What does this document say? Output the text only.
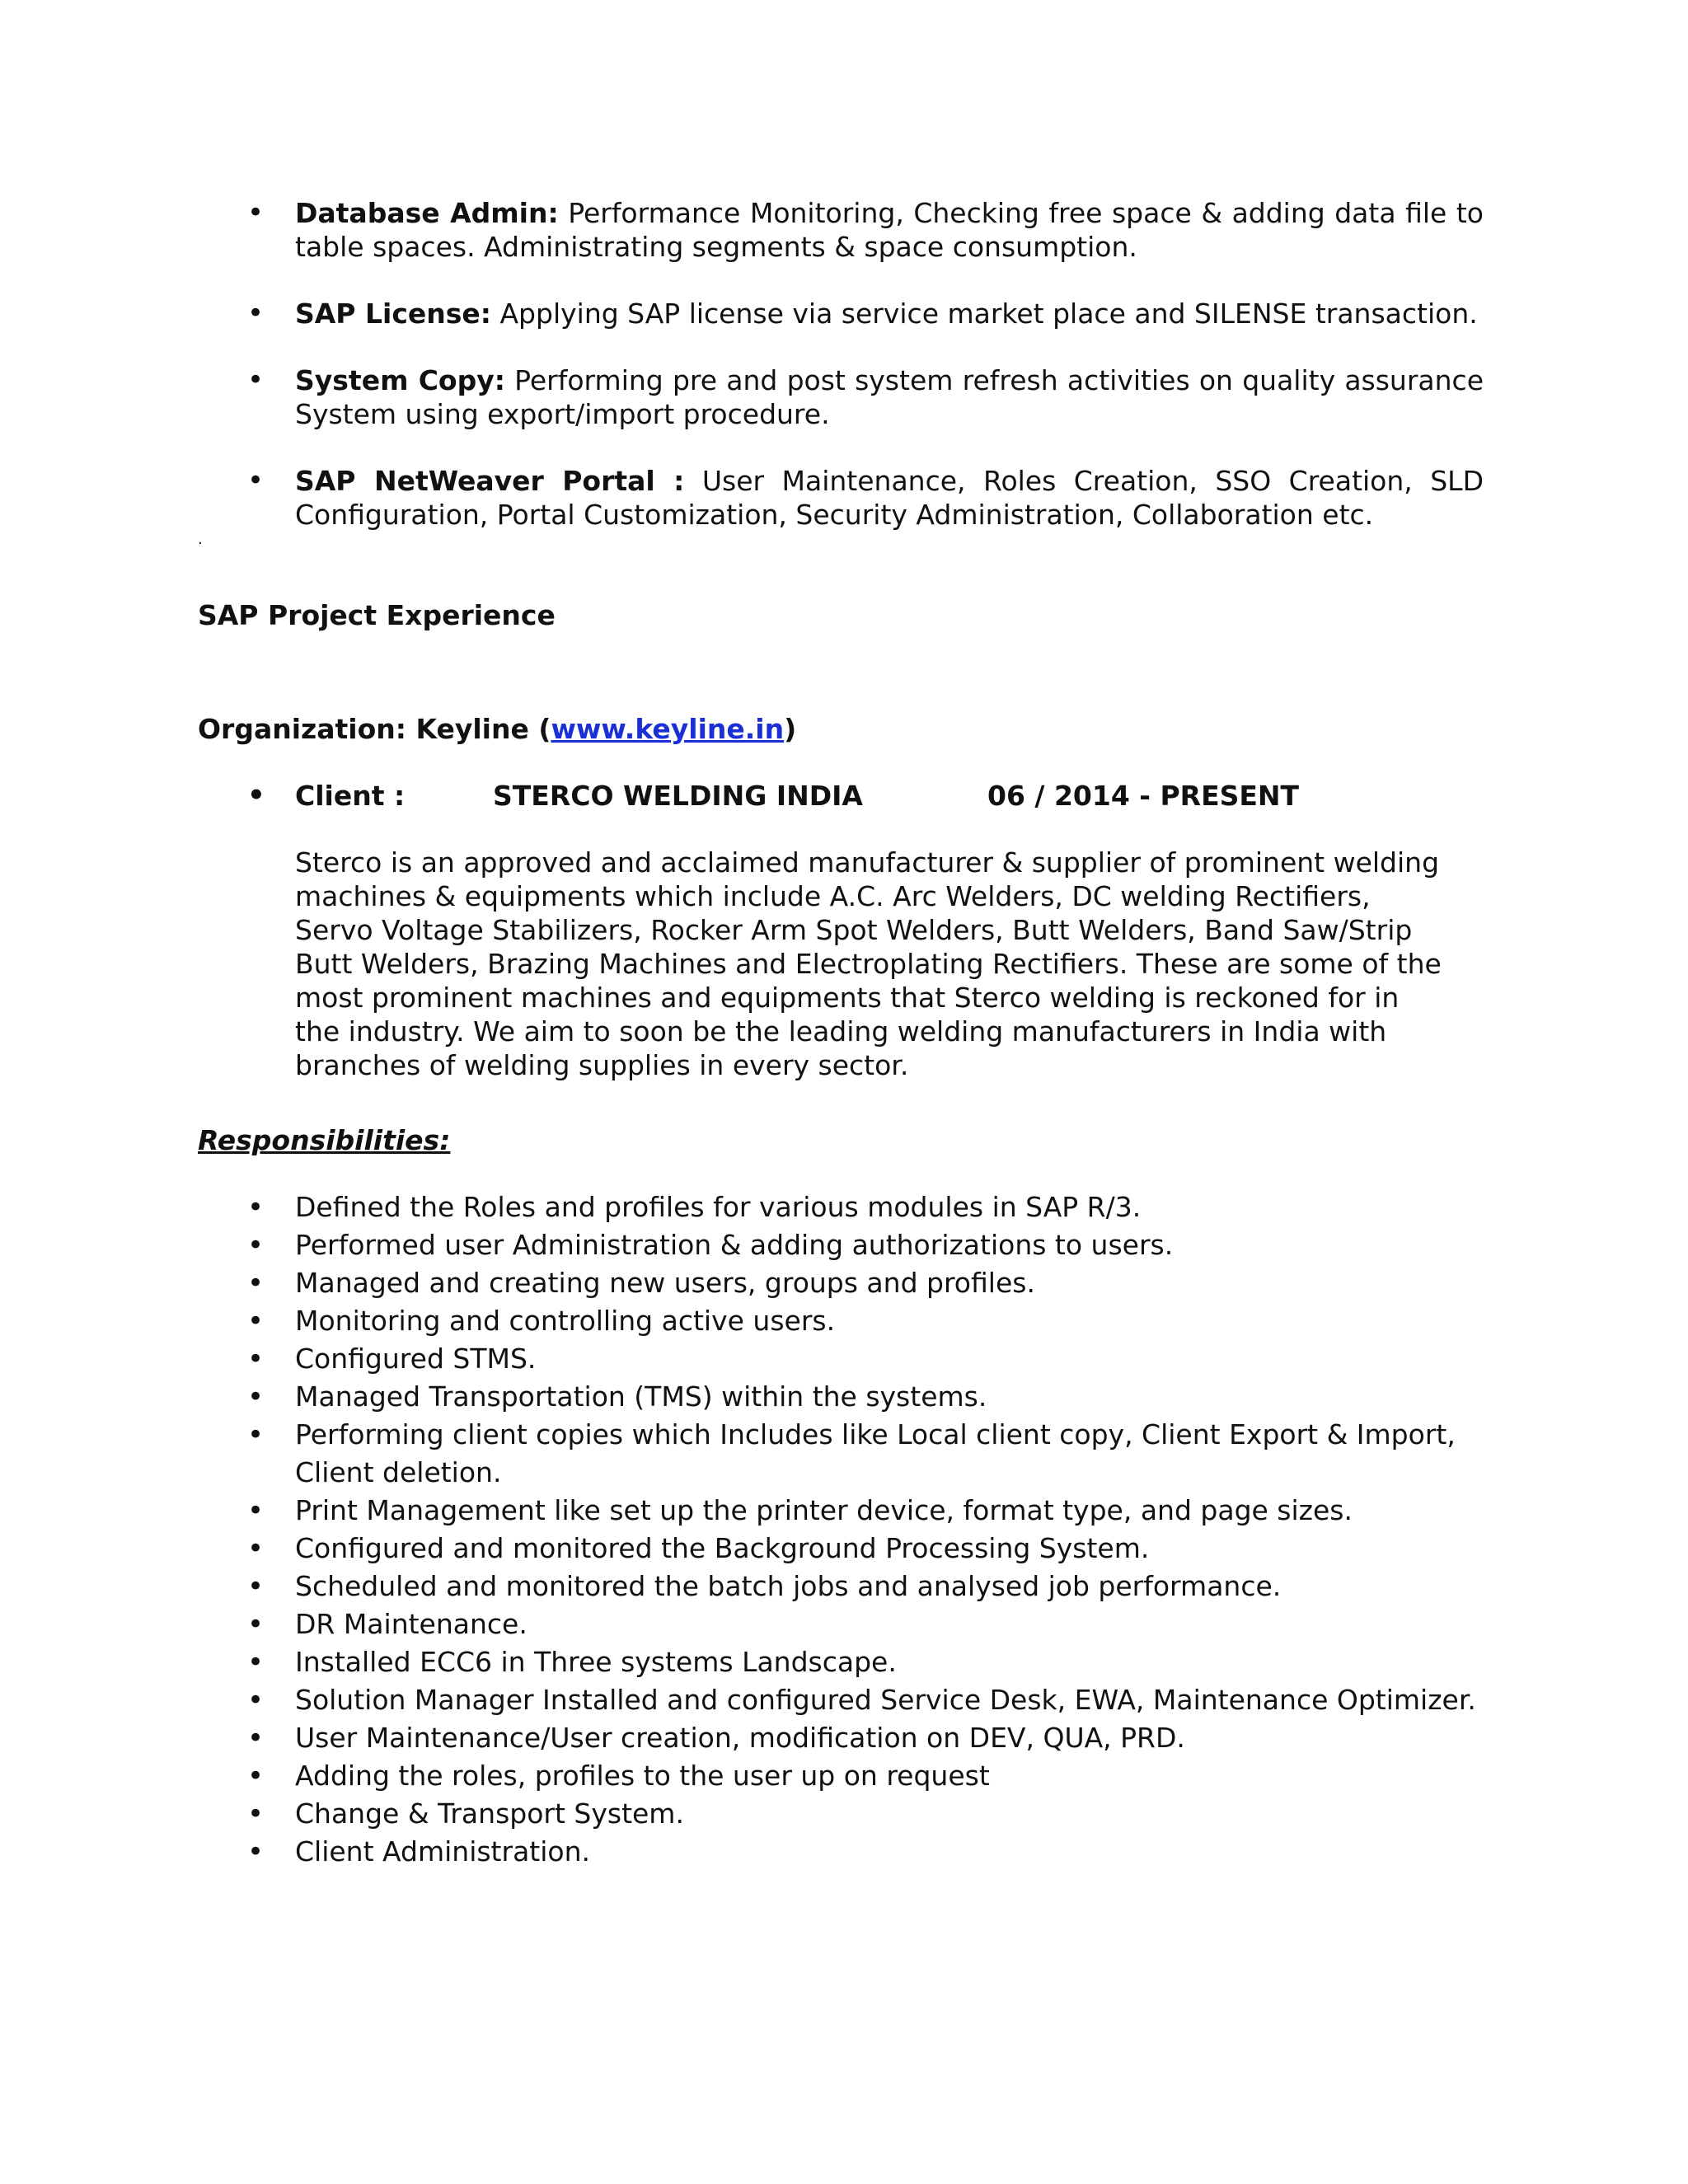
• Database Admin: Performance Monitoring, Checking free space & adding data file to table spaces. Administrating segments & space consumption.
• SAP License: Applying SAP license via service market place and SILENSE transaction.
• System Copy: Performing pre and post system refresh activities on quality assurance System using export/import procedure.
• SAP NetWeaver Portal : User Maintenance, Roles Creation, SSO Creation, SLD Configuration, Portal Customization, Security Administration, Collaboration etc.
.
SAP Project Experience
Organization: Keyline (www.keyline.in)
• Client :	STERCO WELDING INDIA	06 / 2014 - PRESENT
Sterco is an approved and acclaimed manufacturer & supplier of prominent welding machines & equipments which include A.C. Arc Welders, DC welding Rectifiers, Servo Voltage Stabilizers, Rocker Arm Spot Welders, Butt Welders, Band Saw/Strip Butt Welders, Brazing Machines and Electroplating Rectifiers. These are some of the most prominent machines and equipments that Sterco welding is reckoned for in the industry. We aim to soon be the leading welding manufacturers in India with branches of welding supplies in every sector.
Responsibilities:
• Defined the Roles and profiles for various modules in SAP R/3.
• Performed user Administration & adding authorizations to users.
• Managed and creating new users, groups and profiles.
• Monitoring and controlling active users.
• Configured STMS.
• Managed Transportation (TMS) within the systems.
• Performing client copies which Includes like Local client copy, Client Export & Import, Client deletion.
• Print Management like set up the printer device, format type, and page sizes.
• Configured and monitored the Background Processing System.
• Scheduled and monitored the batch jobs and analysed job performance.
• DR Maintenance.
• Installed ECC6 in Three systems Landscape.
• Solution Manager Installed and configured Service Desk, EWA, Maintenance Optimizer.
• User Maintenance/User creation, modification on DEV, QUA, PRD.
• Adding the roles, profiles to the user up on request
• Change & Transport System.
• Client Administration.
